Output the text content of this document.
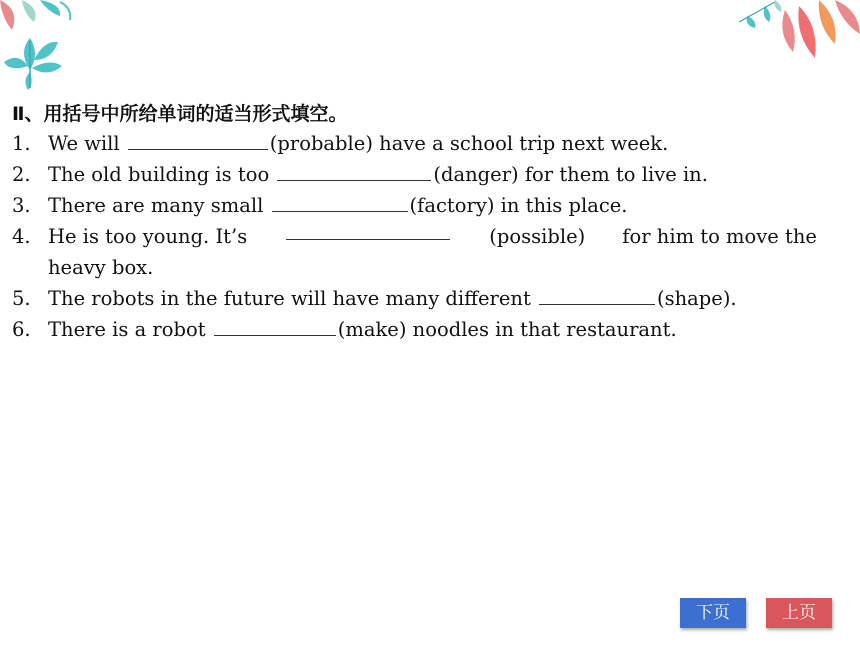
Ⅱ、用括号中所给单词的适当形式填空。
1. We will	(probable) have a school trip next week.
2. The old building is too	(danger) for them to live in.
3. There are many small	(factory) in this place.
4. He is too young. It’s	(possible) for him to move the
heavy box.
5. The robots in the future will have many different	(shape).
6. There is a robot	(make) noodles in that restaurant.
下页	上页
